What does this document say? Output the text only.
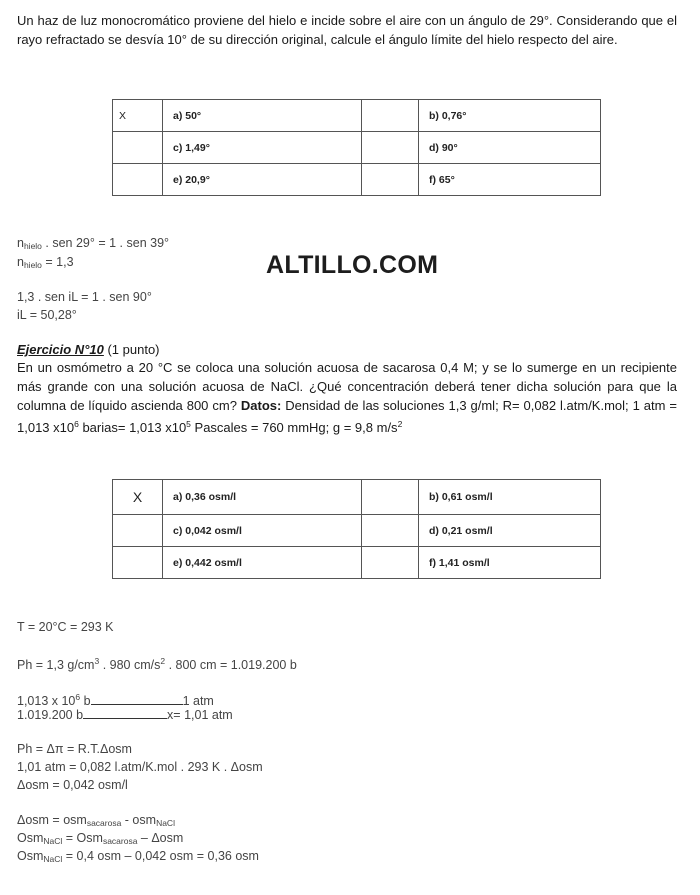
Un haz de luz monocromático proviene del hielo e incide sobre el aire con un ángulo de 29°. Considerando que el rayo refractado se desvía 10° de su dirección original, calcule el ángulo límite del hielo respecto del aire.
X	a) 50°		b) 0,76°
	c) 1,49°		d) 90°
	e) 20,9°		f) 65°
$n_{hielo}$ . sen 29° = 1 . sen 39°
$n_{hielo} = 1,3$	ALTILLO.COM
1,3 . sen iL = 1 . sen 90°
iL = 50,28°
Ejercicio N°10 (1 punto)
En un osmómetro a 20 °C se coloca una solución acuosa de sacarosa 0,4 M; y se lo sumerge en un recipiente más grande con una solución acuosa de NaCl. ¿Qué concentración deberá tener dicha solución para que la columna de líquido ascienda 800 cm? Datos: Densidad de las soluciones 1,3 g/ml; R= 0,082 l.atm/K.mol; 1 atm = 1,013 $x10^6$ barias= 1,013 $x10^5$ Pascales = 760 mmHg; g = 9,8 $m/s^2$
X	a) 0,36 osm/l		b) 0,61 osm/l
	c) 0,042 osm/l		d) 0,21 osm/l
	e) 0,442 osm/l		f) 1,41 osm/l
T = 20°C = 293 K
Ph = 1,3 $g/cm^3$ . 980 $cm/s^2$ . 800 cm = 1.019.200 b
1,013 x $10^6$ b	1 atm
1.019.200 b	x= 1,01 atm
Ph = Δπ = R.T.Δosm
1,01 atm = 0,082 l.atm/K.mol . 293 K . Δosm
Δosm = 0,042 osm/l
Δosm = osm$_{sacarosa}$ - osm$_{NaCl}$
Osm$_{NaCl}$ = Osm$_{sacarosa}$ – Δosm
Osm$_{NaCl}$ = 0,4 osm – 0,042 osm = 0,36 osm
